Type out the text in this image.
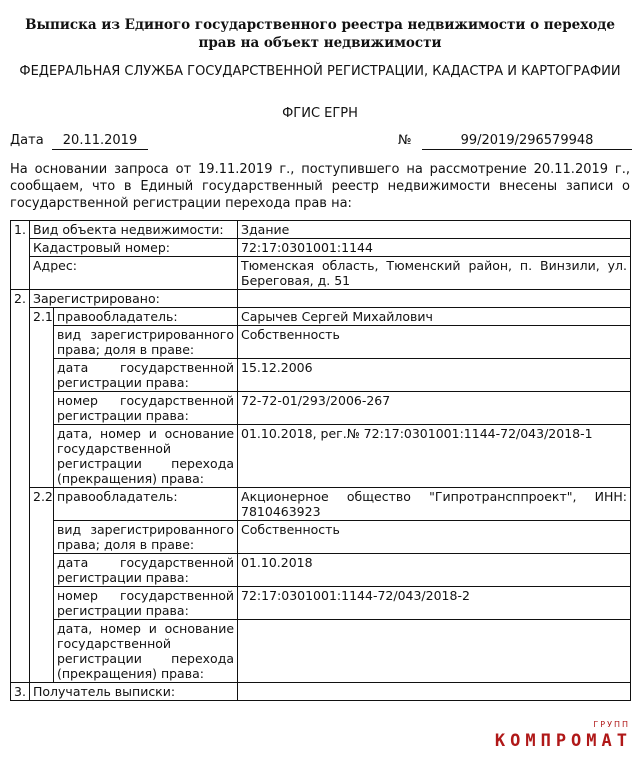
Выписка из Единого государственного реестра недвижимости о переходе прав на объект недвижимости
ФЕДЕРАЛЬНАЯ СЛУЖБА ГОСУДАРСТВЕННОЙ РЕГИСТРАЦИИ, КАДАСТРА И КАРТОГРАФИИ
ФГИС ЕГРН
Дата	20.11.2019	№	99/2019/296579948
На основании запроса от 19.11.2019 г., поступившего на рассмотрение 20.11.2019 г., сообщаем, что в Единый государственный реестр недвижимости внесены записи о государственной регистрации перехода прав на:
1.	Вид объекта недвижимости:		Здание
	Кадастровый номер:		72:17:0301001:1144
	Адрес:		Тюменская область, Тюменский район, п. Винзили, ул. Береговая, д. 51
2.	Зарегистрировано:		
	2.1	правообладатель:	Сарычев Сергей Михайлович
		вид зарегистрированного права; доля в праве:	Собственность
		дата государственной регистрации права:	15.12.2006
		номер государственной регистрации права:	72-72-01/293/2006-267
		дата, номер и основание государственной регистрации перехода (прекращения) права:	01.10.2018, рег.№ 72:17:0301001:1144-72/043/2018-1
	2.2	правообладатель:	Акционерное общество "Гипротрансппроект", ИНН: 7810463923
		вид зарегистрированного права; доля в праве:	Собственность
		дата государственной регистрации права:	01.10.2018
		номер государственной регистрации права:	72:17:0301001:1144-72/043/2018-2
		дата, номер и основание государственной регистрации перехода (прекращения) права:	
3.	Получатель выписки:		
ГРУПП
КОМПРОМАТ
